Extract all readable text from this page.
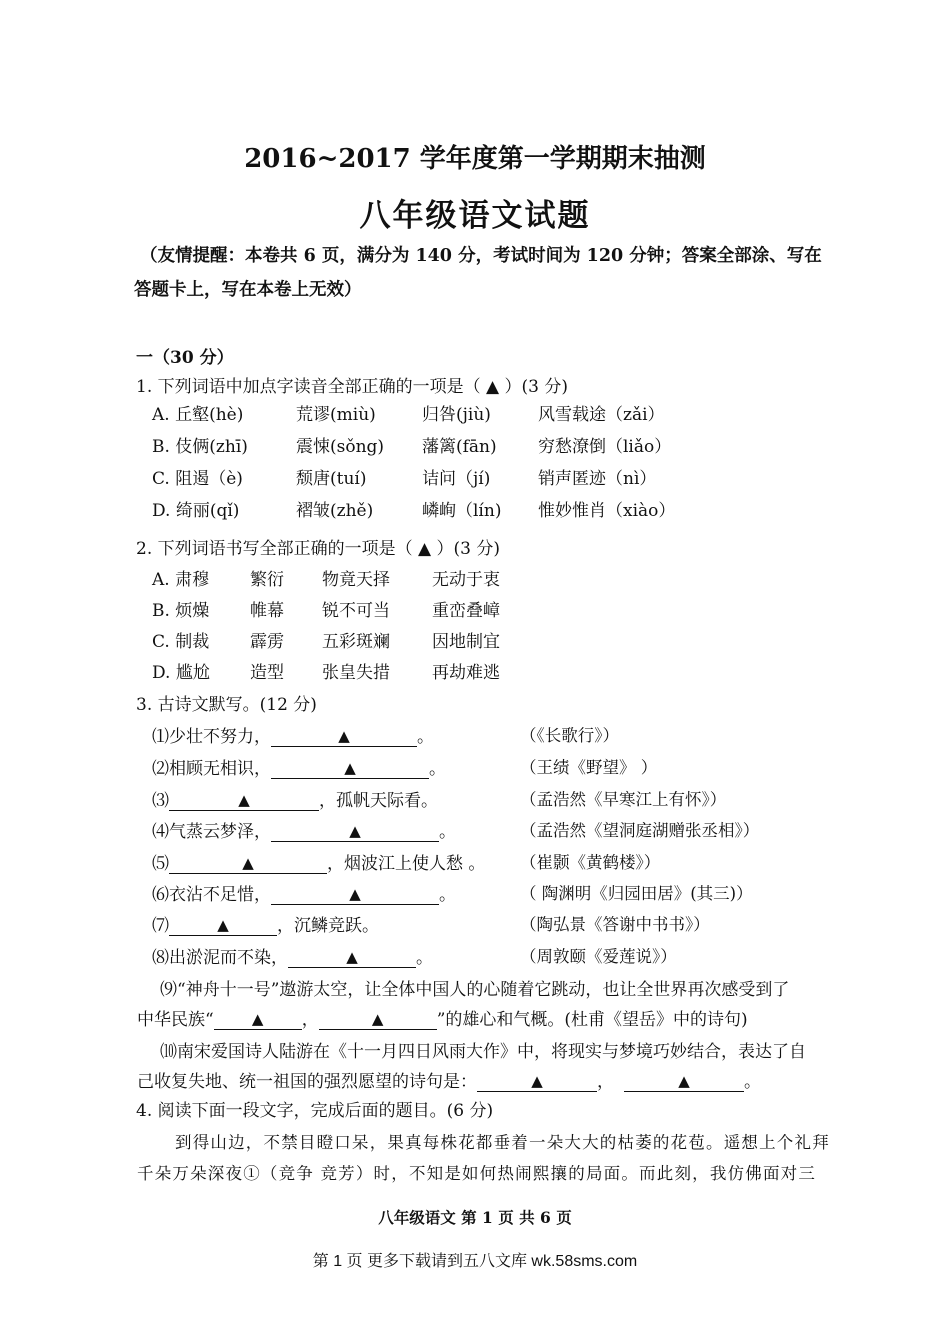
2016~2017 学年度第一学期期末抽测
八年级语文试题
（友情提醒：本卷共 6 页，满分为 140 分，考试时间为 120 分钟；答案全部涂、写在
答题卡上，写在本卷上无效）
一（30 分）
1. 下列词语中加点字读音全部正确的一项是（ ▲ ）(3 分)
A. 丘壑(hè)	荒谬(miù)	归咎(jiù)	风雪载途（zǎi）
B. 伎俩(zhī)	震悚(sǒng) 藩篱(fān) 穷愁潦倒（liǎo）
C. 阻遏（è)	颓唐(tuí)	诘问（jí)	销声匿迹（nì）
D. 绮丽(qǐ)	褶皱(zhě)	嶙峋（lín) 惟妙惟肖（xiào）
2. 下列词语书写全部正确的一项是（ ▲ ）(3 分)
A. 肃穆 繁衍 物竟天择 无动于衷
B. 烦燥 帷幕 锐不可当 重峦叠嶂
C. 制裁 霹雳 五彩斑斓 因地制宜
D. 尴尬 造型 张皇失措 再劫难逃
3. 古诗文默写。(12 分)
⑴少壮不努力，	▲	。	（《长歌行》）
⑵相顾无相识，	▲	。	（王绩《野望》 ）
⑶	▲	，孤帆天际看。	（孟浩然《早寒江上有怀》）
⑷气蒸云梦泽，	▲	。	（孟浩然《望洞庭湖赠张丞相》）
⑸	▲	，烟波江上使人愁 。 （崔颢《黄鹤楼》）
⑹衣沾不足惜，	▲	。	（ 陶渊明《归园田居》(其三)）
⑺	▲	，沉鳞竞跃。	（陶弘景《答谢中书书》）
⑻出淤泥而不染，	▲	。	（周敦颐《爱莲说》）
⑼“神舟十一号”遨游太空，让全体中国人的心随着它跳动，也让全世界再次感受到了
中华民族“	▲ ，	▲	”的雄心和气概。(杜甫《望岳》中的诗句)
⑽南宋爱国诗人陆游在《十一月四日风雨大作》中，将现实与梦境巧妙结合，表达了自
己收复失地、统一祖国的强烈愿望的诗句是：	▲	，	▲	。
4. 阅读下面一段文字，完成后面的题目。(6 分)
到得山边，不禁目瞪口呆，果真每株花都垂着一朵大大的枯萎的花苞。遥想上个礼拜
千朵万朵深夜①（竞争 竞芳）时，不知是如何热闹熙攘的局面。而此刻，我仿佛面对三
八年级语文 第 1 页 共 6 页
第 1 页 更多下载请到五八文库 wk.58sms.com
